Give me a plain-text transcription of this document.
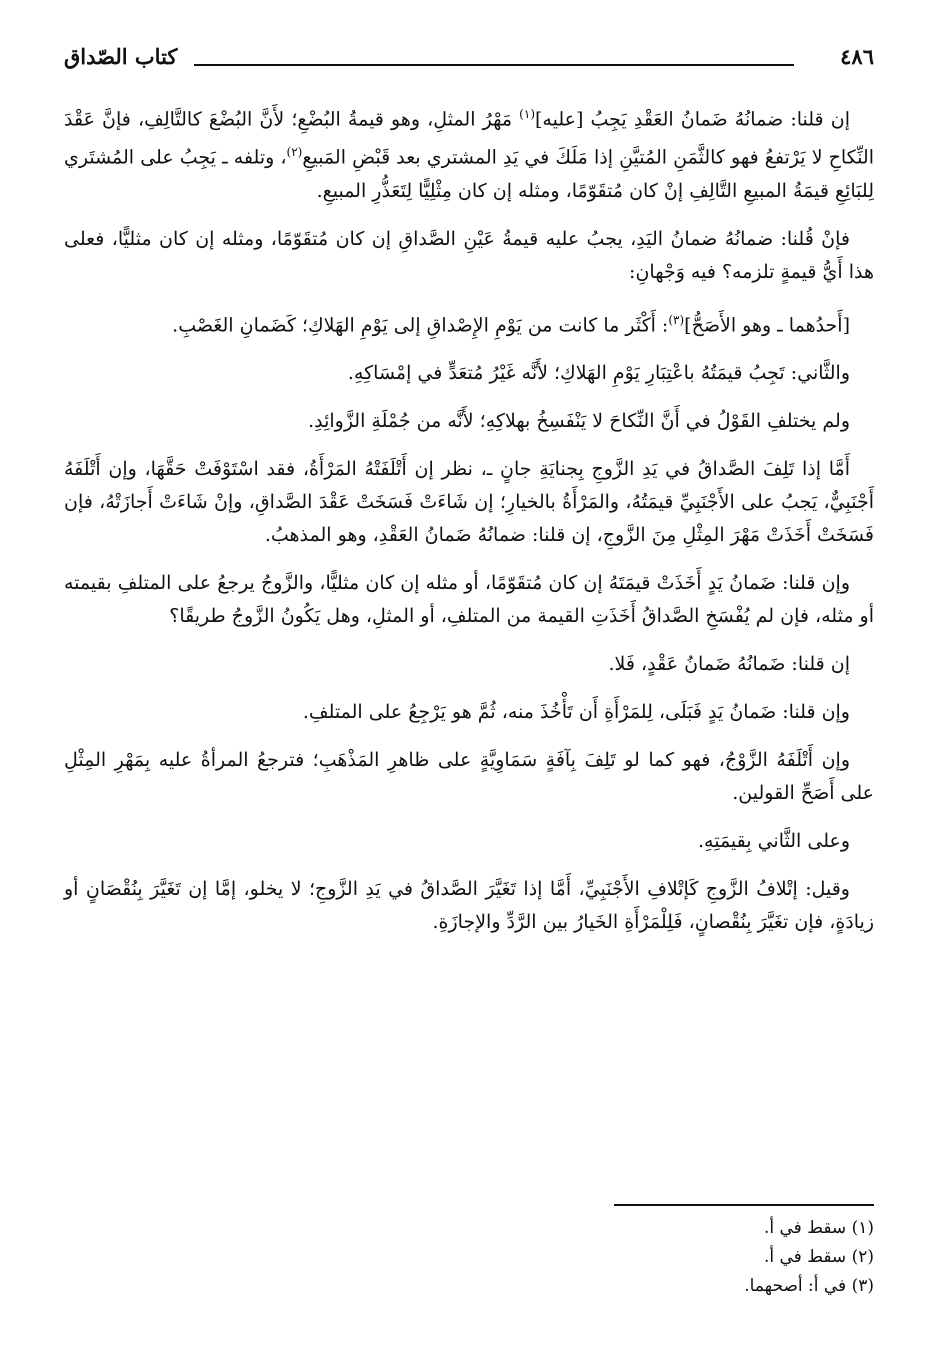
كتاب الصّداق	٤٨٦

إن قلنا: ضمانُهُ ضَمانُ العَقْدِ يَجِبُ [عليه]$^{(١)}$ مَهْرُ المثلِ، وهو قيمةُ البُضْعِ؛ لأَنَّ البُضْعَ كالتَّالِفِ، فإنَّ عَقْدَ النِّكاحِ لا يَرْتفعُ فهو كالثَّمَنِ المُتيَّنِ إذا مَلَكَ في يَدِ المشتري بعد قَبْضِ المَبيعِ$^{(٢)}$، وتلفه ـ يَجِبُ على المُشتَري لِلبَائِعِ قيمَةُ المبيعِ التَّالِفِ إنْ كان مُتقَوّمًا، ومثله إن كان مِثْلِيًّا لِتَعَذُّرِ المبيعِ.

فإنْ قُلنا: ضمانُهُ ضمانُ اليَدِ، يجبُ عليه قيمةُ عَيْنِ الصَّداقِ إن كان مُتقَوّمًا، ومثله إن كان مثليًّا، فعلى هذا أَيُّ قيمةٍ تلزمه؟ فيه وَجْهانِ:

[أَحدُهما ـ وهو الأَصَحُّ]$^{(٣)}$: أَكْثَر ما كانت من يَوْمِ الإِصْداقِ إلى يَوْمِ الهَلاكِ؛ كَضَمانِ الغَصْبِ.

والثَّاني: تَجِبُ قيمَتُهُ باعْتِبَارِ يَوْمِ الهَلاكِ؛ لأَنَّه غَيْرُ مُتعَدٍّ في إمْسَاكِهِ.

ولم يختلفِ القَوْلُ في أَنَّ النِّكاحَ لا يَنْفَسِخُ بهلاكِهِ؛ لأَنَّه من جُمْلَةِ الزَّوائِدِ.

أَمَّا إذا تَلِفَ الصَّداقُ في يَدِ الزَّوجِ بِجنايَةِ جانٍ ـ، نظر إن أَتْلَفَتْهُ المَرْأَةُ، فقد اسْتَوْفَتْ حَقَّهَا، وإن أَتْلَفَهُ أَجْنَبِيٌّ، يَجبُ على الأَجْنَبِيِّ قيمَتُهُ، والمَرْأَةُ بالخيارِ؛ إن شَاءَتْ فَسَخَتْ عَقْدَ الصَّداقِ، وإنْ شَاءَتْ أَجازَتْهُ، فإن فَسَخَتْ أَخَذَتْ مَهْرَ المِثْلِ مِنَ الزَّوجِ، إن قلنا: ضمانُهُ ضَمانُ العَقْدِ، وهو المذهبُ.

وإن قلنا: ضَمانُ يَدٍ أَخَذَتْ قيمَتَهُ إن كان مُتقَوّمًا، أو مثله إن كان مثليًّا، والزَّوجُ يرجعُ على المتلفِ بقيمته أو مثله، فإن لم يُفْسَخِ الصَّداقُ أَخَذَتِ القيمة من المتلفِ، أو المثلِ، وهل يَكُونُ الزَّوجُ طريقًا؟

إن قلنا: ضَمانُهُ ضَمانُ عَقْدٍ، فَلا.

وإن قلنا: ضَمانُ يَدٍ فَبَلَى، لِلمَرْأَةِ أَن تَأْخُذَ منه، ثُمَّ هو يَرْجِعُ على المتلفِ.

وإن أَتْلَفَهُ الزَّوْجُ، فهو كما لو تَلِفَ بِآفَةٍ سَمَاوِيَّةٍ على ظاهرِ المَذْهَبِ؛ فترجعُ المرأةُ عليه بِمَهْرِ المِثْلِ على أَصَحِّ القولين.

وعلى الثَّاني بِقيمَتِهِ.

وقيل: إتْلافُ الزَّوجِ كَإتْلافِ الأَجْنَبِيِّ، أَمَّا إذا تَغَيَّرَ الصَّداقُ في يَدِ الزَّوجِ؛ لا يخلو، إمَّا إن تَغَيَّرَ بِنُقْصَانٍ أو زيادَةٍ، فإن تغَيَّرَ بِنُقْصانٍ، فَلِلْمَرْأَةِ الخَيارُ بين الرَّدِّ والإجازَةِ.

(١) سقط في أ.
(٢) سقط في أ.
(٣) في أ: أصحهما.
